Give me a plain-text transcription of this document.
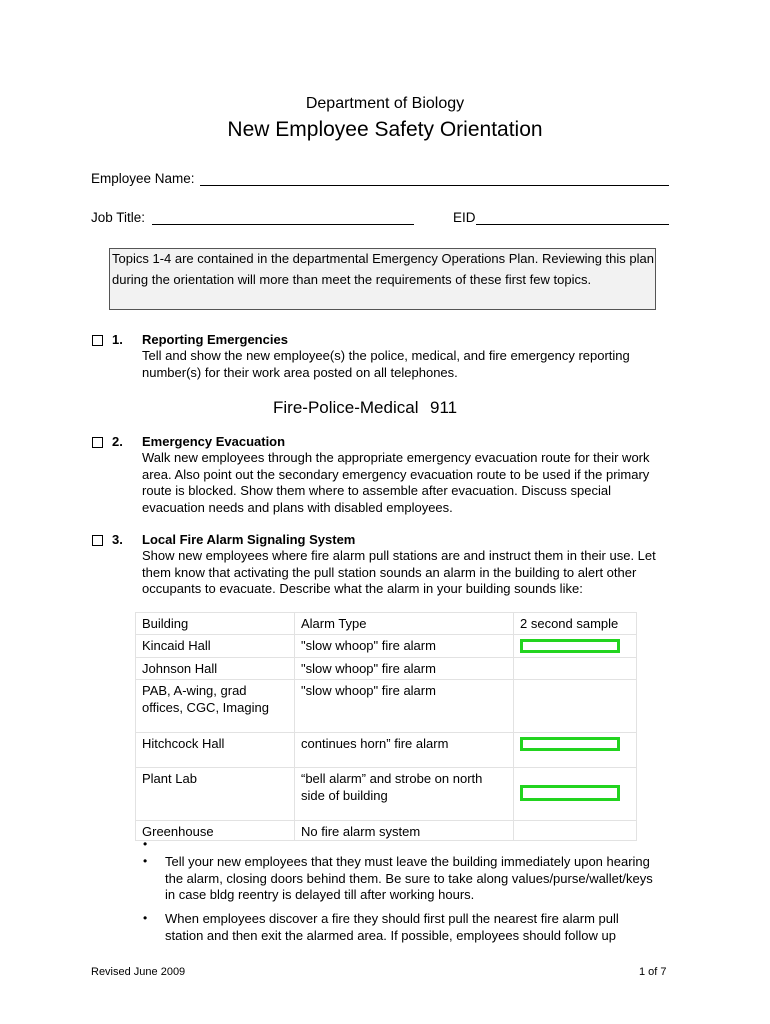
Department of Biology
New Employee Safety Orientation
Employee Name:
Job Title:	EID
Topics 1-4 are contained in the departmental Emergency Operations Plan. Reviewing this plan during the orientation will more than meet the requirements of these first few topics.
1. Reporting Emergencies
Tell and show the new employee(s) the police, medical, and fire emergency reporting number(s) for their work area posted on all telephones.
Fire-Police-Medical 911
2. Emergency Evacuation
Walk new employees through the appropriate emergency evacuation route for their work area. Also point out the secondary emergency evacuation route to be used if the primary route is blocked. Show them where to assemble after evacuation. Discuss special evacuation needs and plans with disabled employees.
3. Local Fire Alarm Signaling System
Show new employees where fire alarm pull stations are and instruct them in their use. Let them know that activating the pull station sounds an alarm in the building to alert other occupants to evacuate. Describe what the alarm in your building sounds like:
Building	Alarm Type	2 second sample
Kincaid Hall	"slow whoop" fire alarm	
Johnson Hall	"slow whoop" fire alarm	
PAB, A-wing, grad offices, CGC, Imaging	"slow whoop" fire alarm	
Hitchcock Hall	continues horn” fire alarm	
Plant Lab	“bell alarm” and strobe on north side of building	
Greenhouse	No fire alarm system	
•
• Tell your new employees that they must leave the building immediately upon hearing the alarm, closing doors behind them. Be sure to take along values/purse/wallet/keys in case bldg reentry is delayed till after working hours.
• When employees discover a fire they should first pull the nearest fire alarm pull station and then exit the alarmed area. If possible, employees should follow up
Revised June 2009	1 of 7
